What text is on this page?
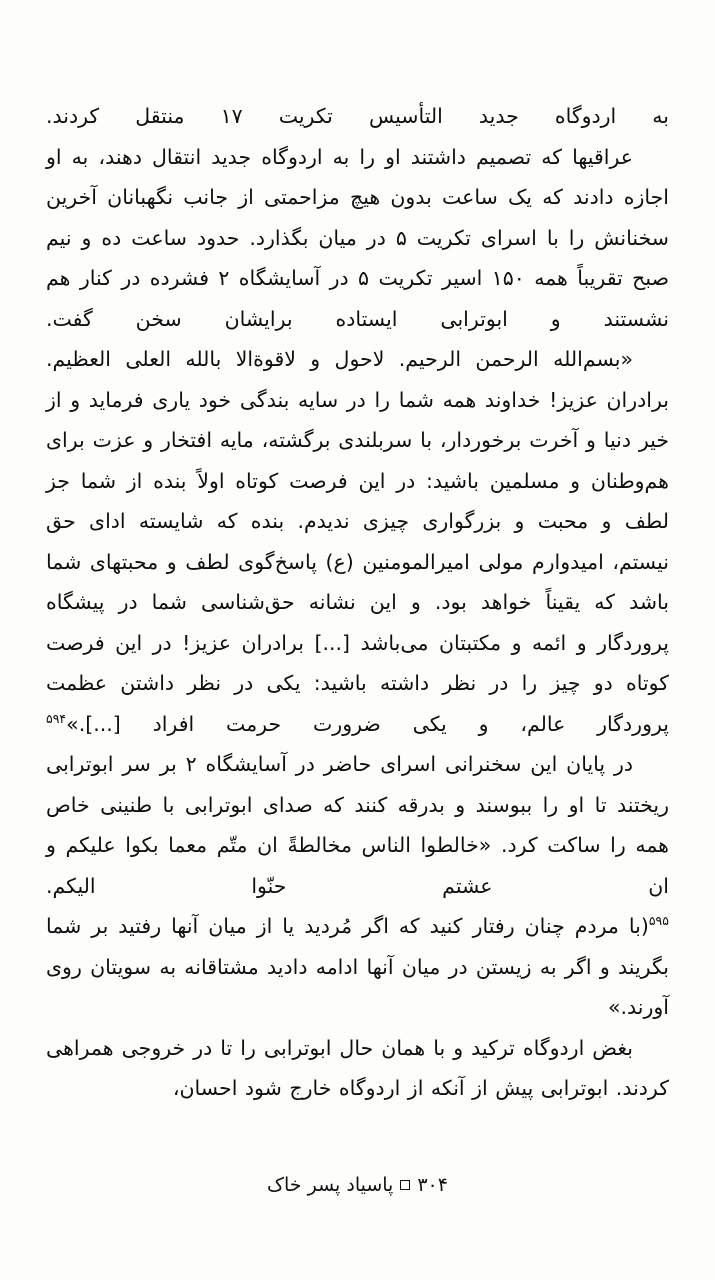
به اردوگاه جدید التأسیس تکریت ۱۷ منتقل کردند.

عراقیها که تصمیم داشتند او را به اردوگاه جدید انتقال دهند، به او اجازه دادند که یک ساعت بدون هیچ مزاحمتی از جانب نگهبانان آخرین سخنانش را با اسرای تکریت ۵ در میان بگذارد. حدود ساعت ده و نیم صبح تقریباً همه ۱۵۰ اسیر تکریت ۵ در آسایشگاه ۲ فشرده در کنار هم نشستند و ابوترابی ایستاده برایشان سخن گفت.

«بسم‌الله الرحمن الرحیم. لاحول و لاقوةالا بالله العلی العظیم. برادران عزیز! خداوند همه شما را در سایه بندگی خود یاری فرماید و از خیر دنیا و آخرت برخوردار، با سربلندی برگشته، مایه افتخار و عزت برای هم‌وطنان و مسلمین باشید: در این فرصت کوتاه اولاً بنده از شما جز لطف و محبت و بزرگواری چیزی ندیدم. بنده که شایسته ادای حق نیستم، امیدوارم مولی امیرالمومنین (ع) پاسخ‌گوی لطف و محبتهای شما باشد که یقیناً خواهد بود. و این نشانه حق‌شناسی شما در پیشگاه پروردگار و ائمه و مکتبتان می‌باشد [...] برادران عزیز! در این فرصت کوتاه دو چیز را در نظر داشته باشید: یکی در نظر داشتن عظمت پروردگار عالم، و یکی ضرورت حرمت افراد [...].»$^{۵۹۴}$

در پایان این سخنرانی اسرای حاضر در آسایشگاه ۲ بر سر ابوترابی ریختند تا او را ببوسند و بدرقه کنند که صدای ابوترابی با طنینی خاص همه را ساکت کرد. «خالطوا الناس مخالطةً ان متّم معما بکوا علیکم و ان عشتم حنّوا الیکم.

$^{۵۹۵}$(با مردم چنان رفتار کنید که اگر مُردید یا از میان آنها رفتید بر شما بگریند و اگر به زیستن در میان آنها ادامه دادید مشتاقانه به سویتان روی آورند.»

بغض اردوگاه ترکید و با همان حال ابوترابی را تا در خروجی همراهی کردند. ابوترابی پیش از آنکه از اردوگاه خارج شود احسان،

۳۰۴پاسیاد پسر خاک
